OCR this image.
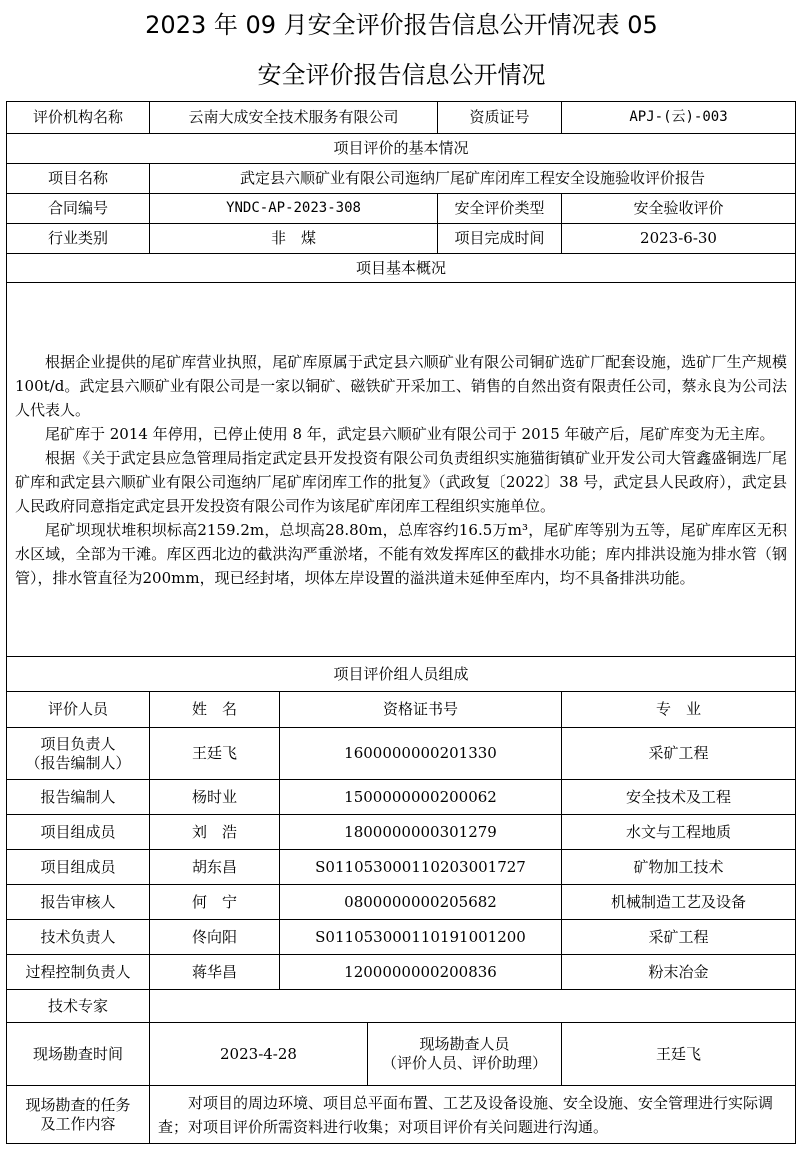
2023 年 09 月安全评价报告信息公开情况表 05
安全评价报告信息公开情况
评价机构名称	云南大成安全技术服务有限公司			资质证号	APJ-(云)-003
项目评价的基本情况					
项目名称	武定县六顺矿业有限公司迤纳厂尾矿库闭库工程安全设施验收评价报告				
合同编号	YNDC-AP-2023-308			安全评价类型	安全验收评价
行业类别	非　煤			项目完成时间	2023-6-30
项目基本概况					

根据企业提供的尾矿库营业执照，尾矿库原属于武定县六顺矿业有限公司铜矿选矿厂配套设施，选矿厂生产规模 100t/d。武定县六顺矿业有限公司是一家以铜矿、磁铁矿开采加工、销售的自然出资有限责任公司，蔡永良为公司法人代表人。

尾矿库于 2014 年停用，已停止使用 8 年，武定县六顺矿业有限公司于 2015 年破产后，尾矿库变为无主库。

根据《关于武定县应急管理局指定武定县开发投资有限公司负责组织实施猫街镇矿业开发公司大管鑫盛铜选厂尾矿库和武定县六顺矿业有限公司迤纳厂尾矿库闭库工作的批复》（武政复〔2022〕38 号，武定县人民政府），武定县人民政府同意指定武定县开发投资有限公司作为该尾矿库闭库工程组织实施单位。

尾矿坝现状堆积坝标高2159.2m，总坝高28.80m，总库容约16.5万m³，尾矿库等别为五等，尾矿库库区无积水区域，全部为干滩。库区西北边的截洪沟严重淤堵，不能有效发挥库区的截排水功能；库内排洪设施为排水管（钢管），排水管直径为200mm，现已经封堵，坝体左岸设置的溢洪道未延伸至库内，均不具备排洪功能。					

项目评价组人员组成					
评价人员	姓　名	资格证书号			专　业

项目负责人
（报告编制人）	王廷飞	1600000000201330			采矿工程
报告编制人	杨时业	1500000000200062			安全技术及工程
项目组成员	刘　浩	1800000000301279			水文与工程地质
项目组成员	胡东昌	S011053000110203001727			矿物加工技术
报告审核人	何　宁	0800000000205682			机械制造工艺及设备
技术负责人	佟向阳	S011053000110191001200			采矿工程
过程控制负责人	蒋华昌	1200000000200836			粉末冶金
技术专家					
现场勘查时间	2023-4-28		现场勘查人员
（评价人员、评价助理）		王廷飞

现场勘查的任务
及工作内容	对项目的周边环境、项目总平面布置、工艺及设备设施、安全设施、安全管理进行实际调查；对项目评价所需资料进行收集；对项目评价有关问题进行沟通。				
